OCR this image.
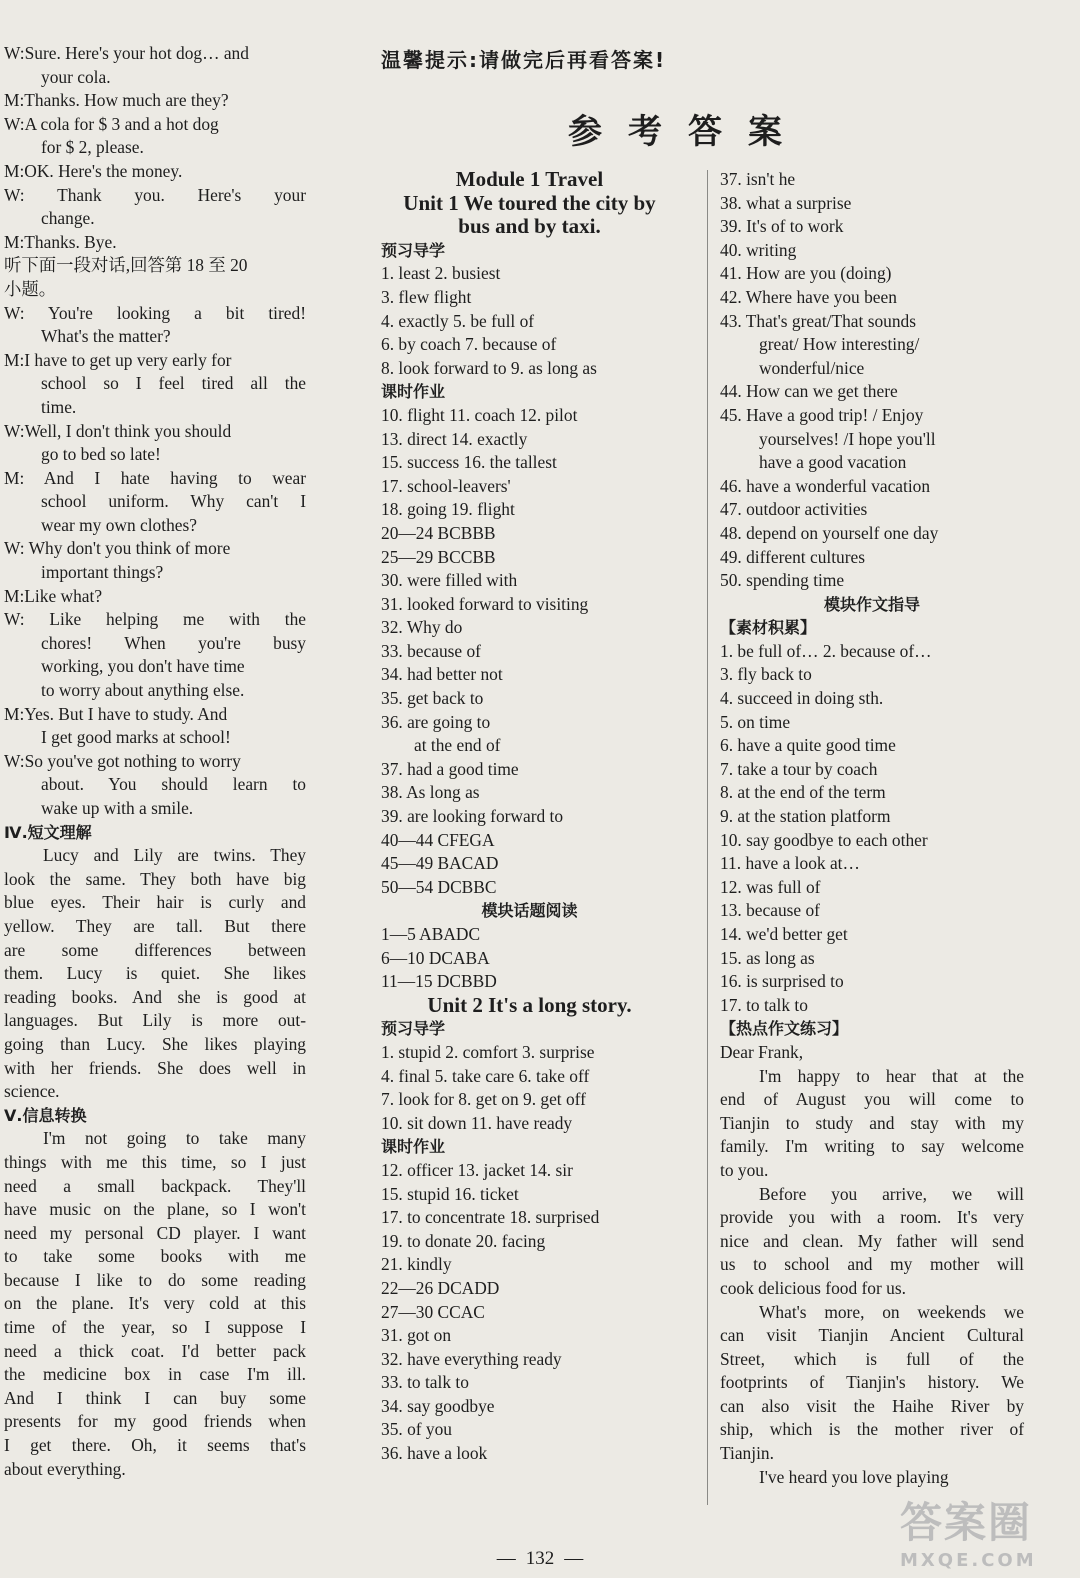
温馨提示:请做完后再看答案!
参考答案
W:Sure. Here's your hot dog… and
your cola.
M:Thanks. How much are they?
W:A cola for $ 3 and a hot dog
for $ 2, please.
M:OK. Here's the money.
W: Thank you. Here's your
change.
M:Thanks. Bye.
听下面一段对话,回答第 18 至 20
小题。
W: You're looking a bit tired!
What's the matter?
M:I have to get up very early for
school so I feel tired all the
time.
W:Well, I don't think you should
go to bed so late!
M: And I hate having to wear
school uniform. Why can't I
wear my own clothes?
W: Why don't you think of more
important things?
M:Like what?
W: Like helping me with the
chores! When you're busy
working, you don't have time
to worry about anything else.
M:Yes. But I have to study. And
I get good marks at school!
W:So you've got nothing to worry
about. You should learn to
wake up with a smile.
Ⅳ.短文理解
Lucy and Lily are twins. They
look the same. They both have big
blue eyes. Their hair is curly and
yellow. They are tall. But there
are some differences between
them. Lucy is quiet. She likes
reading books. And she is good at
languages. But Lily is more out-
going than Lucy. She likes playing
with her friends. She does well in
science.
Ⅴ.信息转换
I'm not going to take many
things with me this time, so I just
need a small backpack. They'll
have music on the plane, so I won't
need my personal CD player. I want
to take some books with me
because I like to do some reading
on the plane. It's very cold at this
time of the year, so I suppose I
need a thick coat. I'd better pack
the medicine box in case I'm ill.
And I think I can buy some
presents for my good friends when
I get there. Oh, it seems that's
about everything.
Module 1 Travel
Unit 1 We toured the city by
bus and by taxi.
预习导学
1. least 2. busiest
3. flew flight
4. exactly 5. be full of
6. by coach 7. because of
8. look forward to 9. as long as
课时作业
10. flight 11. coach 12. pilot
13. direct 14. exactly
15. success 16. the tallest
17. school-leavers'
18. going 19. flight
20—24 BCBBB
25—29 BCCBB
30. were filled with
31. looked forward to visiting
32. Why do
33. because of
34. had better not
35. get back to
36. are going to
at the end of
37. had a good time
38. As long as
39. are looking forward to
40—44 CFEGA
45—49 BACAD
50—54 DCBBC
模块话题阅读
1—5 ABADC
6—10 DCABA
11—15 DCBBD
Unit 2 It's a long story.
预习导学
1. stupid 2. comfort 3. surprise
4. final 5. take care 6. take off
7. look for 8. get on 9. get off
10. sit down 11. have ready
课时作业
12. officer 13. jacket 14. sir
15. stupid 16. ticket
17. to concentrate 18. surprised
19. to donate 20. facing
21. kindly
22—26 DCADD
27—30 CCAC
31. got on
32. have everything ready
33. to talk to
34. say goodbye
35. of you
36. have a look
37. isn't he
38. what a surprise
39. It's of to work
40. writing
41. How are you (doing)
42. Where have you been
43. That's great/That sounds
great/ How interesting/
wonderful/nice
44. How can we get there
45. Have a good trip! / Enjoy
yourselves! /I hope you'll
have a good vacation
46. have a wonderful vacation
47. outdoor activities
48. depend on yourself one day
49. different cultures
50. spending time
模块作文指导
【素材积累】
1. be full of… 2. because of…
3. fly back to
4. succeed in doing sth.
5. on time
6. have a quite good time
7. take a tour by coach
8. at the end of the term
9. at the station platform
10. say goodbye to each other
11. have a look at…
12. was full of
13. because of
14. we'd better get
15. as long as
16. is surprised to
17. to talk to
【热点作文练习】
Dear Frank,
I'm happy to hear that at the
end of August you will come to
Tianjin to study and stay with my
family. I'm writing to say welcome
to you.
Before you arrive, we will
provide you with a room. It's very
nice and clean. My father will send
us to school and my mother will
cook delicious food for us.
What's more, on weekends we
can visit Tianjin Ancient Cultural
Street, which is full of the
footprints of Tianjin's history. We
can also visit the Haihe River by
ship, which is the mother river of
Tianjin.
I've heard you love playing
— 132 —
答案圈
MXQE.COM
